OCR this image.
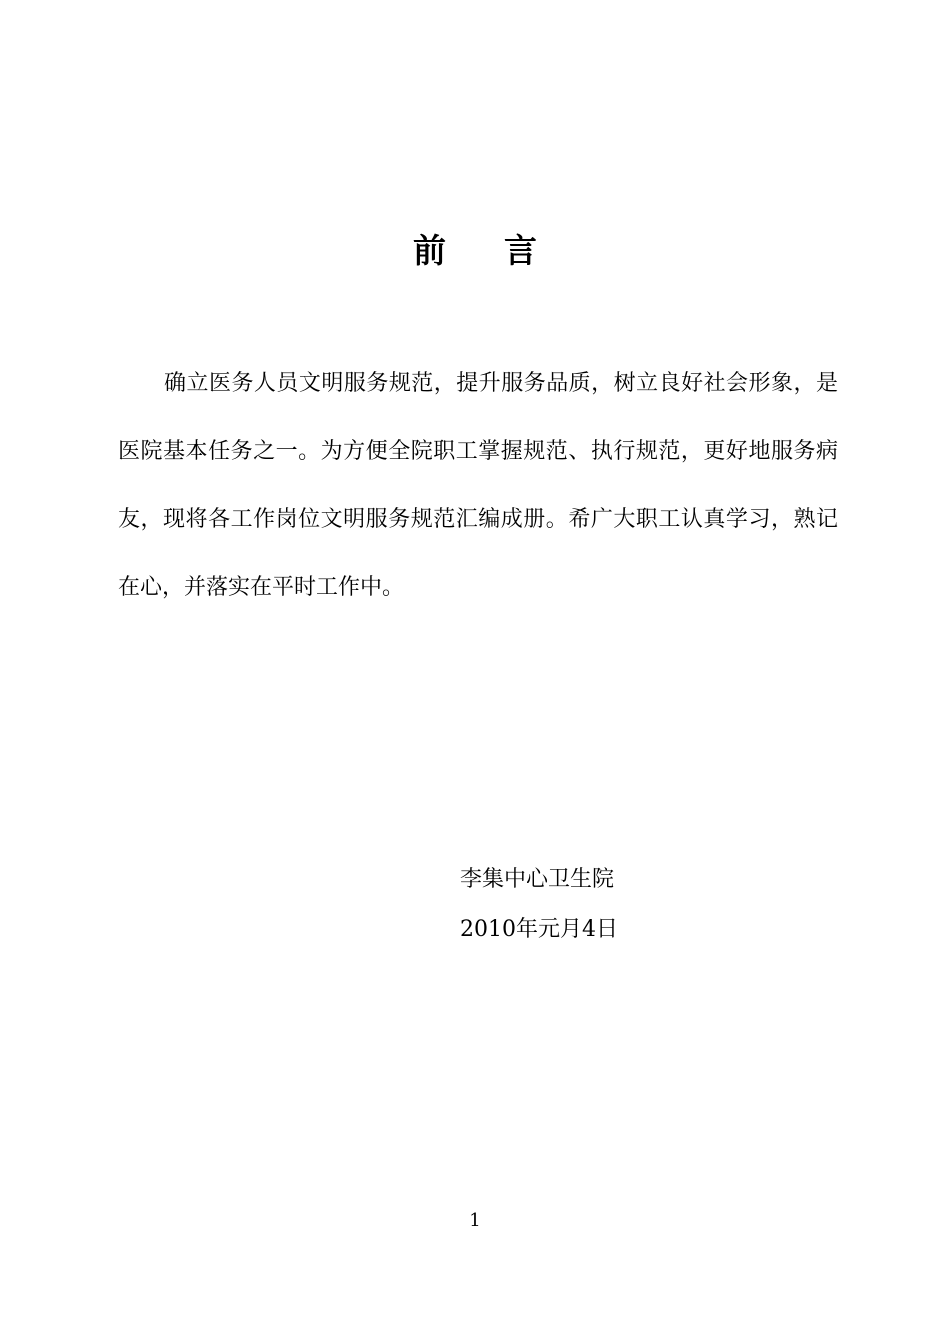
前 言

确立医务人员文明服务规范，提升服务品质，树立良好社会形象，是医院基本任务之一。为方便全院职工掌握规范、执行规范，更好地服务病友，现将各工作岗位文明服务规范汇编成册。希广大职工认真学习，熟记在心，并落实在平时工作中。

李集中心卫生院
2010年元月4日
1
